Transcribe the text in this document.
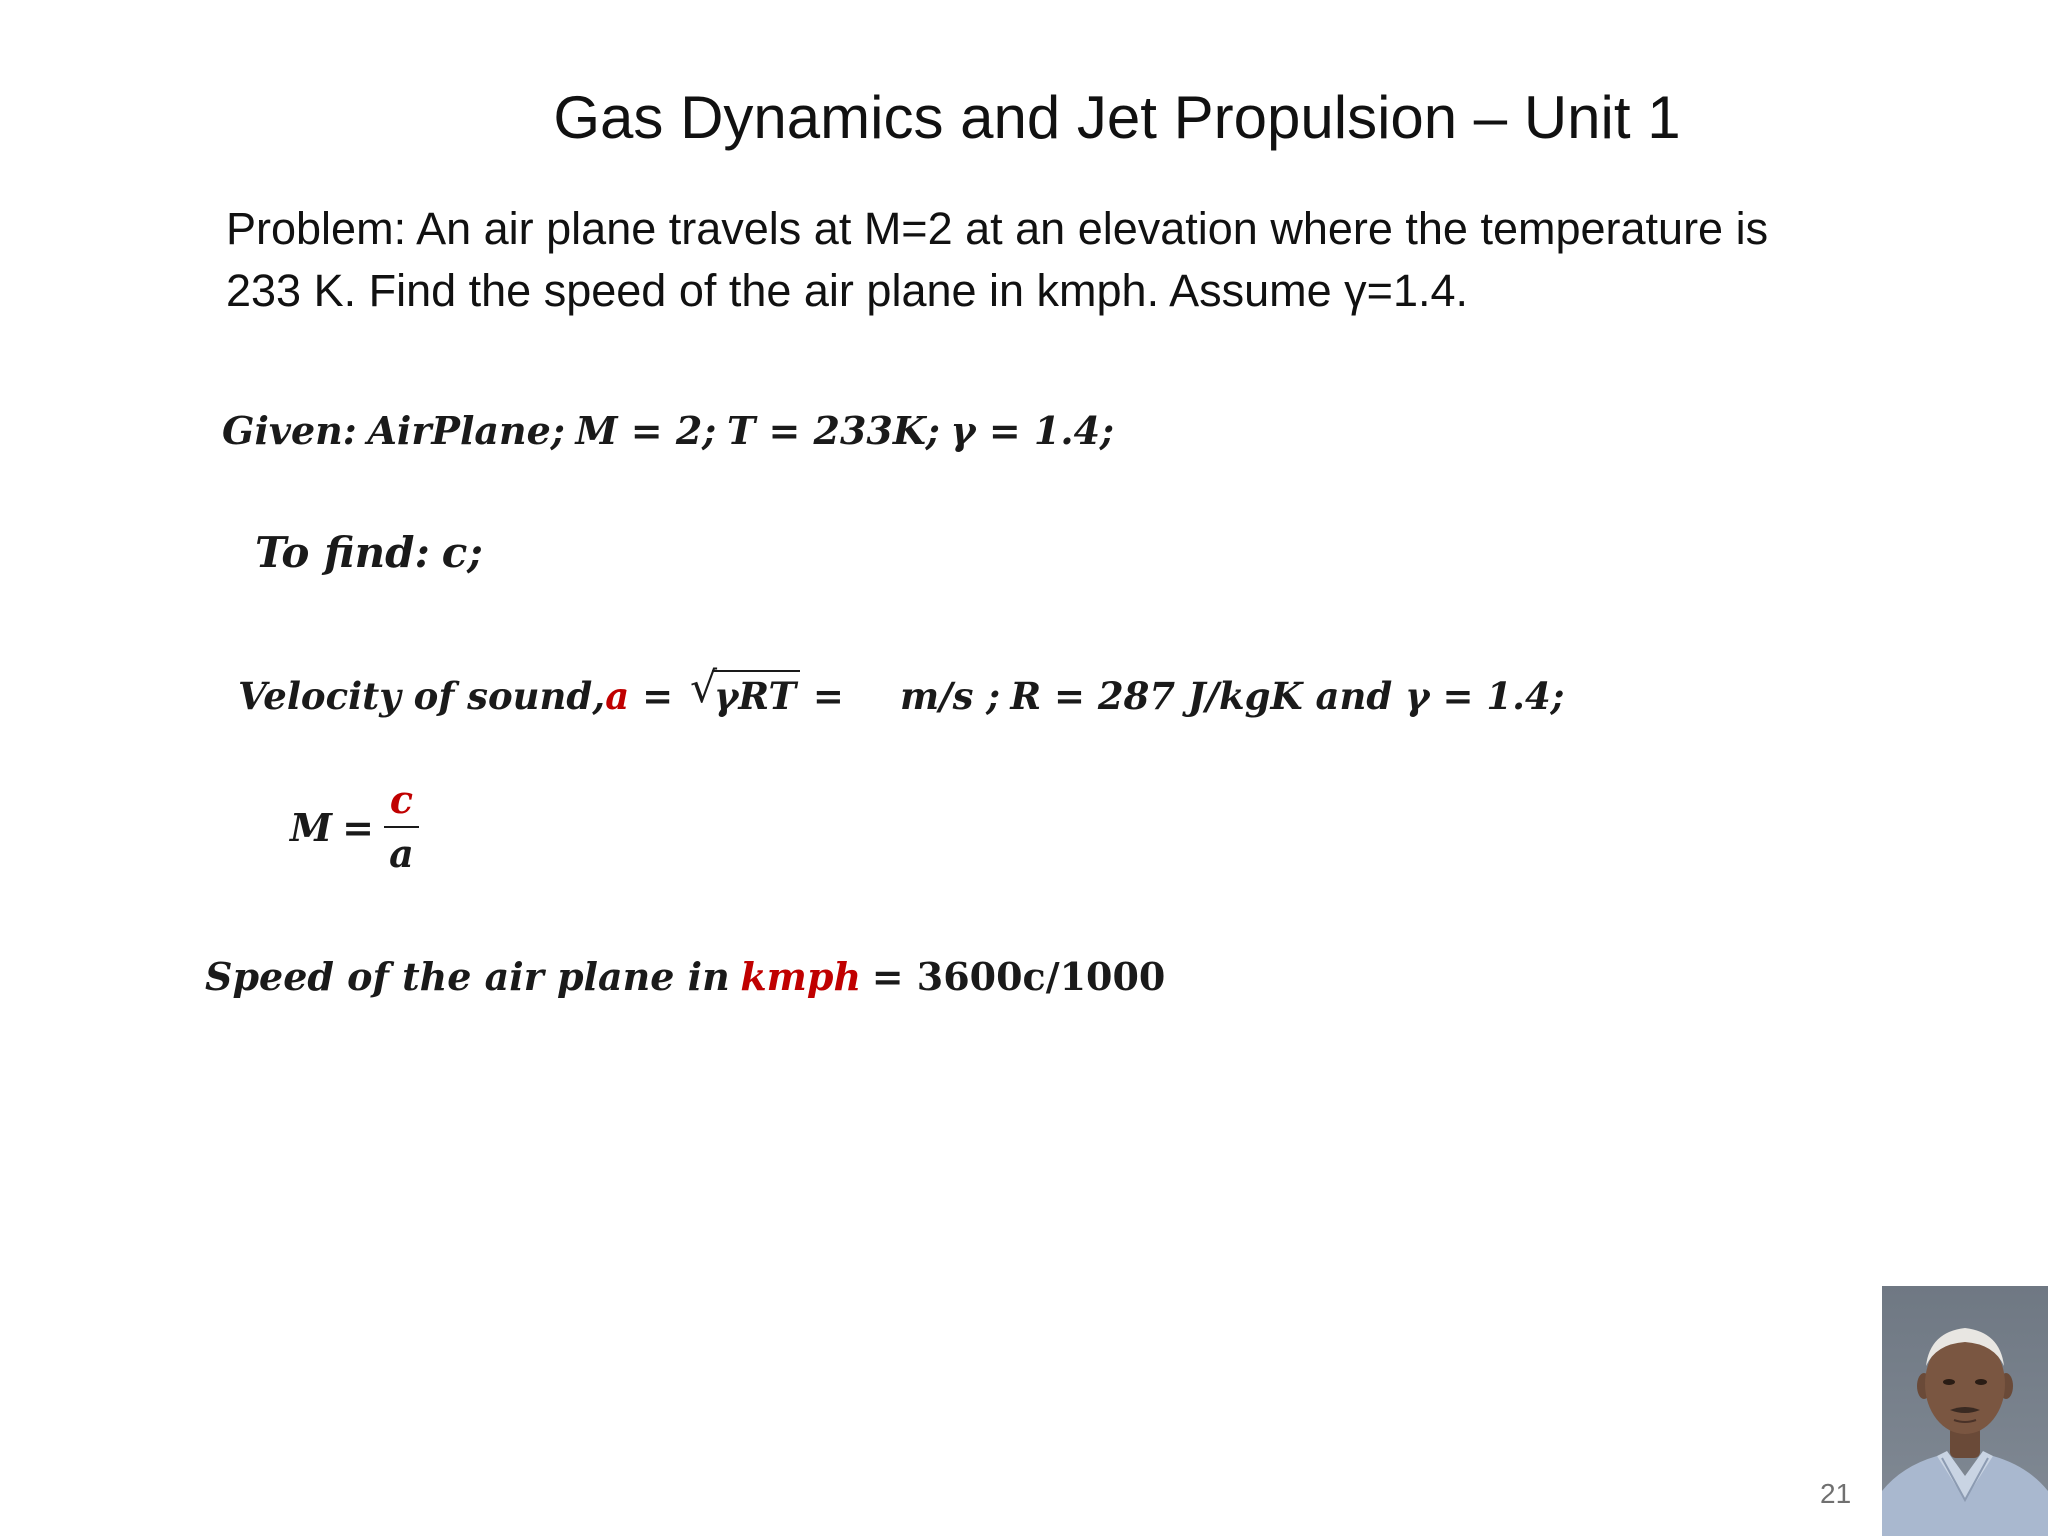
Gas Dynamics and Jet Propulsion – Unit 1
Problem: An air plane travels at M=2 at an elevation where the temperature is
233 K. Find the speed of the air plane in kmph. Assume γ=1.4.
Given: AirPlane; M = 2; T = 233K; γ = 1.4;
To find: c;
Velocity of sound,a = √
γRT = m/s ; R = 287 J/kgK and γ = 1.4;
$M = \frac{c}{a}$
Speed of the air plane in kmph = 3600c/1000
21
